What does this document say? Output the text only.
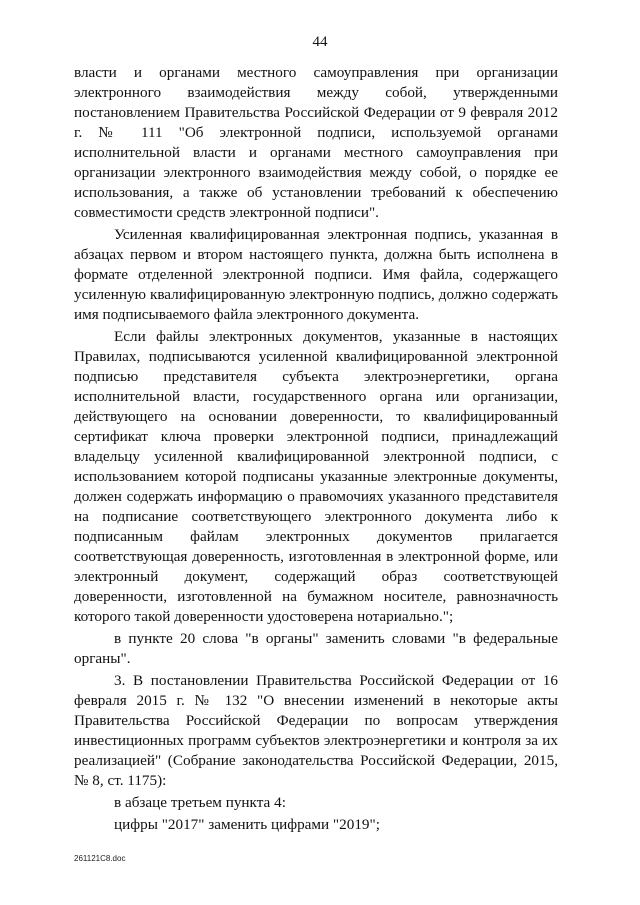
44

власти и органами местного самоуправления при организации электронного взаимодействия между собой, утвержденными постановлением Правительства Российской Федерации от 9 февраля 2012 г. № 111 "Об электронной подписи, используемой органами исполнительной власти и органами местного самоуправления при организации электронного взаимодействия между собой, о порядке ее использования, а также об установлении требований к обеспечению совместимости средств электронной подписи".

Усиленная квалифицированная электронная подпись, указанная в абзацах первом и втором настоящего пункта, должна быть исполнена в формате отделенной электронной подписи. Имя файла, содержащего усиленную квалифицированную электронную подпись, должно содержать имя подписываемого файла электронного документа.

Если файлы электронных документов, указанные в настоящих Правилах, подписываются усиленной квалифицированной электронной подписью представителя субъекта электроэнергетики, органа исполнительной власти, государственного органа или организации, действующего на основании доверенности, то квалифицированный сертификат ключа проверки электронной подписи, принадлежащий владельцу усиленной квалифицированной электронной подписи, с использованием которой подписаны указанные электронные документы, должен содержать информацию о правомочиях указанного представителя на подписание соответствующего электронного документа либо к подписанным файлам электронных документов прилагается соответствующая доверенность, изготовленная в электронной форме, или электронный документ, содержащий образ соответствующей доверенности, изготовленной на бумажном носителе, равнозначность которого такой доверенности удостоверена нотариально.";

в пункте 20 слова "в органы" заменить словами "в федеральные органы".

3. В постановлении Правительства Российской Федерации от 16 февраля 2015 г. № 132 "О внесении изменений в некоторые акты Правительства Российской Федерации по вопросам утверждения инвестиционных программ субъектов электроэнергетики и контроля за их реализацией" (Собрание законодательства Российской Федерации, 2015, № 8, ст. 1175):

в абзаце третьем пункта 4:

цифры "2017" заменить цифрами "2019";

261121C8.doc
